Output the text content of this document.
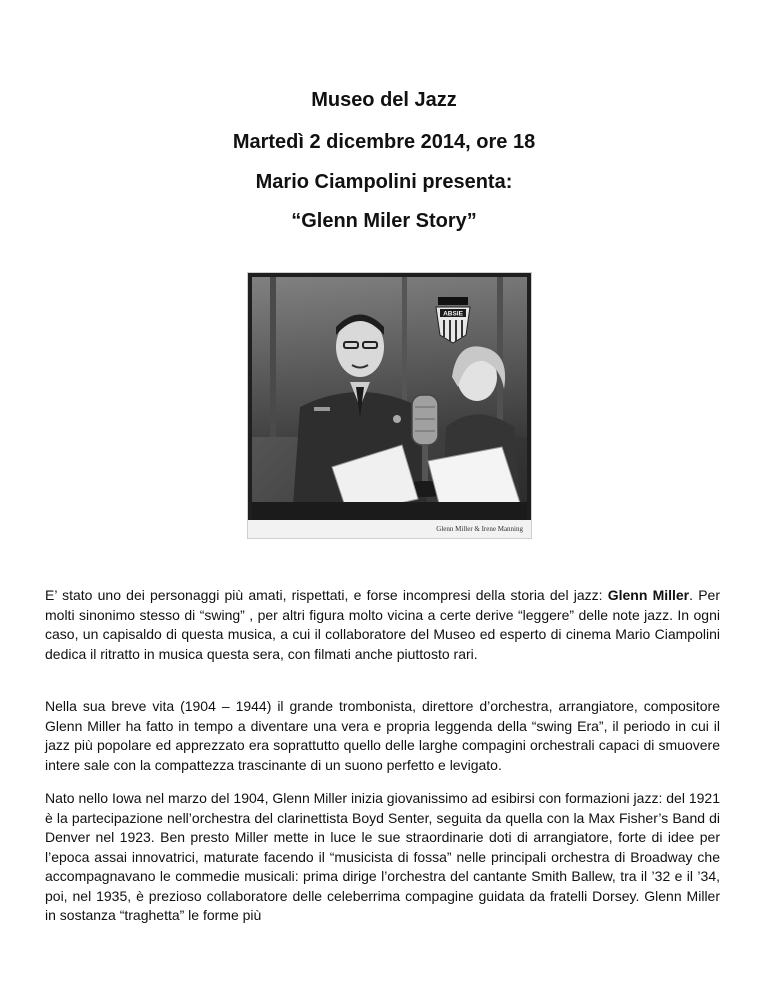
Museo del Jazz
Martedì 2 dicembre 2014, ore 18
Mario Ciampolini presenta:
“Glenn Miler Story”
ABSIE
Glenn Miller & Irene Manning

E’ stato uno dei personaggi più amati, rispettati, e forse incompresi della storia del jazz: Glenn Miller. Per molti sinonimo stesso di “swing” , per altri figura molto vicina a certe derive “leggere” delle note jazz. In ogni caso, un capisaldo di questa musica, a cui il collaboratore del Museo ed esperto di cinema Mario Ciampolini dedica il ritratto in musica questa sera, con filmati anche piuttosto rari.

Nella sua breve vita (1904 – 1944) il grande trombonista, direttore d’orchestra, arrangiatore, compositore Glenn Miller ha fatto in tempo a diventare una vera e propria leggenda della “swing Era”, il periodo in cui il jazz più popolare ed apprezzato era soprattutto quello delle larghe compagini orchestrali capaci di smuovere intere sale con la compattezza trascinante di un suono perfetto e levigato.

Nato nello Iowa nel marzo del 1904, Glenn Miller inizia giovanissimo ad esibirsi con formazioni jazz: del 1921 è la partecipazione nell’orchestra del clarinettista Boyd Senter, seguita da quella con la Max Fisher’s Band di Denver nel 1923. Ben presto Miller mette in luce le sue straordinarie doti di arrangiatore, forte di idee per l’epoca assai innovatrici, maturate facendo il “musicista di fossa” nelle principali orchestra di Broadway che accompagnavano le commedie musicali: prima dirige l’orchestra del cantante Smith Ballew, tra il ’32 e il ’34, poi, nel 1935, è prezioso collaboratore delle celeberrima compagine guidata da fratelli Dorsey. Glenn Miller in sostanza “traghetta” le forme più
